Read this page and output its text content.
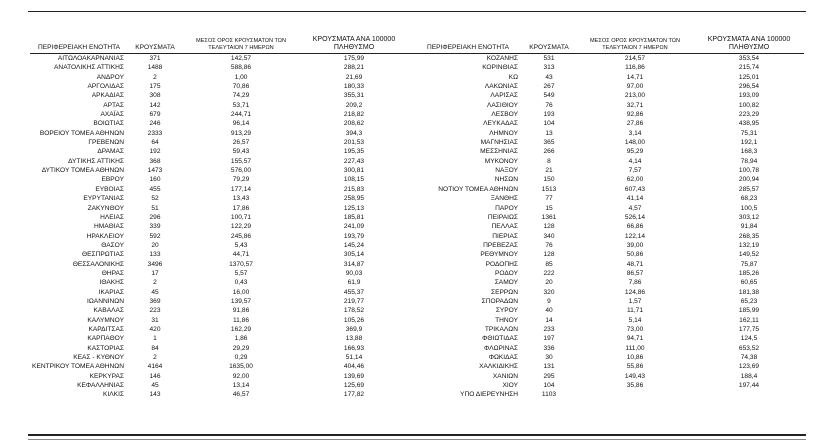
ΠΕΡΙΦΕΡΕΙΑΚΗ ΕΝΟΤΗΤΑ	ΚΡΟΥΣΜΑΤΑ	ΜΕΣΟΣ ΟΡΟΣ ΚΡΟΥΣΜΑΤΩΝ ΤΩΝ ΤΕΛΕΥΤΑΙΩΝ 7 ΗΜΕΡΩΝ	ΚΡΟΥΣΜΑΤΑ ΑΝΑ 100000 ΠΛΗΘΥΣΜΟ		ΠΕΡΙΦΕΡΕΙΑΚΗ ΕΝΟΤΗΤΑ	ΚΡΟΥΣΜΑΤΑ	ΜΕΣΟΣ ΟΡΟΣ ΚΡΟΥΣΜΑΤΩΝ ΤΩΝ ΤΕΛΕΥΤΑΙΩΝ 7 ΗΜΕΡΩΝ	ΚΡΟΥΣΜΑΤΑ ΑΝΑ 100000 ΠΛΗΘΥΣΜΟ
ΑΙΤΩΛΟΑΚΑΡΝΑΝΙΑΣ	371	142,57	175,99		ΚΟΖΑΝΗΣ	531	214,57	353,54
ΑΝΑΤΟΛΙΚΗΣ ΑΤΤΙΚΗΣ	1488	588,86	288,21		ΚΟΡΙΝΘΙΑΣ	313	116,86	215,74
ΑΝΔΡΟΥ	2	1,00	21,69		ΚΩ	43	14,71	125,01
ΑΡΓΟΛΙΔΑΣ	175	70,86	180,33		ΛΑΚΩΝΙΑΣ	267	97,00	296,54
ΑΡΚΑΔΙΑΣ	308	74,29	355,31		ΛΑΡΙΣΑΣ	549	213,00	193,09
ΑΡΤΑΣ	142	53,71	209,2		ΛΑΣΙΘΙΟΥ	76	32,71	100,82
ΑΧΑΪΑΣ	679	244,71	218,82		ΛΕΣΒΟΥ	193	92,86	223,29
ΒΟΙΩΤΙΑΣ	246	96,14	208,62		ΛΕΥΚΑΔΑΣ	104	27,86	438,95
ΒΟΡΕΙΟΥ ΤΟΜΕΑ ΑΘΗΝΩΝ	2333	913,29	394,3		ΛΗΜΝΟΥ	13	3,14	75,31
ΓΡΕΒΕΝΩΝ	64	26,57	201,53		ΜΑΓΝΗΣΙΑΣ	365	148,00	192,1
ΔΡΑΜΑΣ	192	59,43	195,35		ΜΕΣΣΗΝΙΑΣ	266	95,29	168,3
ΔΥΤΙΚΗΣ ΑΤΤΙΚΗΣ	368	155,57	227,43		ΜΥΚΟΝΟΥ	8	4,14	78,94
ΔΥΤΙΚΟΥ ΤΟΜΕΑ ΑΘΗΝΩΝ	1473	576,00	300,81		ΝΑΞΟΥ	21	7,57	100,78
ΕΒΡΟΥ	160	79,29	108,15		ΝΗΣΩΝ	150	62,00	200,94
ΕΥΒΟΙΑΣ	455	177,14	215,83		ΝΟΤΙΟΥ ΤΟΜΕΑ ΑΘΗΝΩΝ	1513	607,43	285,57
ΕΥΡΥΤΑΝΙΑΣ	52	13,43	258,95		ΞΑΝΘΗΣ	77	41,14	68,23
ΖΑΚΥΝΘΟΥ	51	17,86	125,13		ΠΑΡΟΥ	15	4,57	100,5
ΗΛΕΙΑΣ	296	100,71	185,81		ΠΕΙΡΑΙΩΣ	1361	526,14	303,12
ΗΜΑΘΙΑΣ	339	122,29	241,09		ΠΕΛΛΑΣ	128	66,86	91,84
ΗΡΑΚΛΕΙΟΥ	592	245,86	193,79		ΠΙΕΡΙΑΣ	340	122,14	268,35
ΘΑΣΟΥ	20	5,43	145,24		ΠΡΕΒΕΖΑΣ	76	39,00	132,19
ΘΕΣΠΡΩΤΙΑΣ	133	44,71	305,14		ΡΕΘΥΜΝΟΥ	128	50,86	149,52
ΘΕΣΣΑΛΟΝΙΚΗΣ	3496	1370,57	314,87		ΡΟΔΟΠΗΣ	85	48,71	75,87
ΘΗΡΑΣ	17	5,57	90,03		ΡΟΔΟΥ	222	86,57	185,26
ΙΘΑΚΗΣ	2	0,43	61,9		ΣΑΜΟΥ	20	7,86	60,65
ΙΚΑΡΙΑΣ	45	16,00	455,37		ΣΕΡΡΩΝ	320	124,86	181,38
ΙΩΑΝΝΙΝΩΝ	369	139,57	219,77		ΣΠΟΡΑΔΩΝ	9	1,57	65,23
ΚΑΒΑΛΑΣ	223	91,86	178,52		ΣΥΡΟΥ	40	11,71	185,99
ΚΑΛΥΜΝΟΥ	31	11,86	105,26		ΤΗΝΟΥ	14	5,14	162,11
ΚΑΡΔΙΤΣΑΣ	420	162,29	369,9		ΤΡΙΚΑΛΩΝ	233	73,00	177,75
ΚΑΡΠΑΘΟΥ	1	1,86	13,88		ΦΘΙΩΤΙΔΑΣ	197	94,71	124,5
ΚΑΣΤΟΡΙΑΣ	84	29,29	166,93		ΦΛΩΡΙΝΑΣ	336	111,00	653,52
ΚΕΑΣ - ΚΥΘΝΟΥ	2	0,29	51,14		ΦΩΚΙΔΑΣ	30	10,86	74,38
ΚΕΝΤΡΙΚΟΥ ΤΟΜΕΑ ΑΘΗΝΩΝ	4164	1635,00	404,46		ΧΑΛΚΙΔΙΚΗΣ	131	55,86	123,69
ΚΕΡΚΥΡΑΣ	146	92,00	139,69		ΧΑΝΙΩΝ	295	149,43	188,4
ΚΕΦΑΛΛΗΝΙΑΣ	45	13,14	125,69		ΧΙΟΥ	104	35,86	197,44
ΚΙΛΚΙΣ	143	46,57	177,82		ΥΠΟ ΔΙΕΡΕΥΝΗΣΗ	1103		
